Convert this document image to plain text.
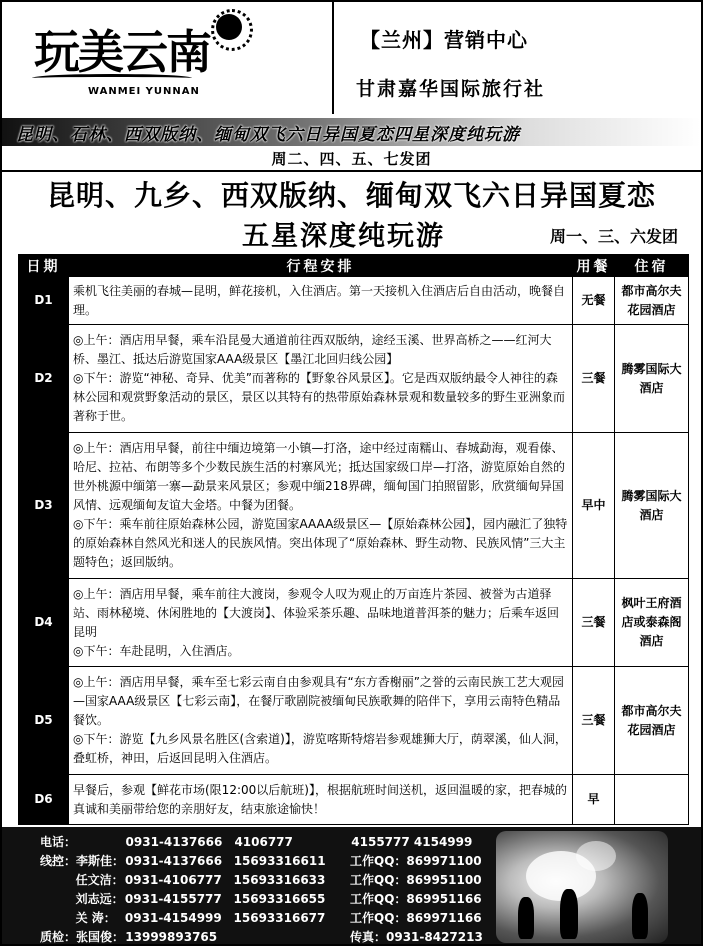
玩美云南
WANMEI YUNNAN
【兰州】营销中心
甘肃嘉华国际旅行社
昆明、石林、西双版纳、缅甸双飞六日异国夏恋四星深度纯玩游
周二、四、五、七发团
昆明、九乡、西双版纳、缅甸双飞六日异国夏恋
五星深度纯玩游	周一、三、六发团
日期	行程安排	用餐	住宿
D1	乘机飞往美丽的春城—昆明，鲜花接机，入住酒店。第一天接机入住酒店后自由活动，晚餐自理。	无餐	都市高尔夫花园酒店
D2	◎上午：酒店用早餐，乘车沿昆曼大通道前往西双版纳，途经玉溪、世界高桥之——红河大桥、墨江、抵达后游览国家AAA级景区【墨江北回归线公园】

◎下午：游览“神秘、奇异、优美”而著称的【野象谷风景区】。它是西双版纳最令人神往的森林公园和观赏野象活动的景区，景区以其特有的热带原始森林景观和数量较多的野生亚洲象而著称于世。	三餐	腾雾国际大酒店
D3	◎上午：酒店用早餐，前往中缅边境第一小镇—打洛，途中经过南糯山、春城勐海，观看傣、哈尼、拉祜、布朗等多个少数民族生活的村寨风光；抵达国家级口岸—打洛，游览原始自然的世外桃源中缅第一寨—勐景来风景区；参观中缅218界碑，缅甸国门拍照留影，欣赏缅甸异国风情、远观缅甸友谊大金塔。中餐为团餐。

◎下午：乘车前往原始森林公园，游览国家AAAA级景区—【原始森林公园】，园内融汇了独特的原始森林自然风光和迷人的民族风情。突出体现了“原始森林、野生动物、民族风情”三大主题特色；返回版纳。	早中	腾雾国际大酒店
D4	◎上午：酒店用早餐，乘车前往大渡岗，参观令人叹为观止的万亩连片茶园、被誉为古道驿站、雨林秘境、休闲胜地的【大渡岗】、体验采茶乐趣、品味地道普洱茶的魅力；后乘车返回昆明

◎下午：车赴昆明，入住酒店。	三餐	枫叶王府酒店或泰森阁酒店
D5	◎上午：酒店用早餐，乘车至七彩云南自由参观具有“东方香榭丽”之誉的云南民族工艺大观园—国家AAA级景区【七彩云南】，在餐厅歌剧院被缅甸民族歌舞的陪伴下，享用云南特色精品餐饮。

◎下午：游览【九乡风景名胜区(含索道)】，游览喀斯特熔岩参观雄狮大厅，荫翠溪，仙人洞，叠虹桥，神田，后返回昆明入住酒店。	三餐	都市高尔夫花园酒店
D6	早餐后，参观【鲜花市场(限12:00以后航班)】，根据航班时间送机，返回温暖的家，把春城的真诚和美丽带给您的亲朋好友，结束旅途愉快！	早	
电话：	0931-4137666	4106777	4155777 4154999
线控： 李斯佳： 0931-4137666 15693316611	工作QQ：869971100
任文洁： 0931-4106777 15693316633	工作QQ：869951100
刘志远： 0931-4155777 15693316655	工作QQ：869951166
关 涛： 0931-4154999 15693316677	工作QQ：869971166
质检： 张国俊： 13999893765	传真：0931-8427213
